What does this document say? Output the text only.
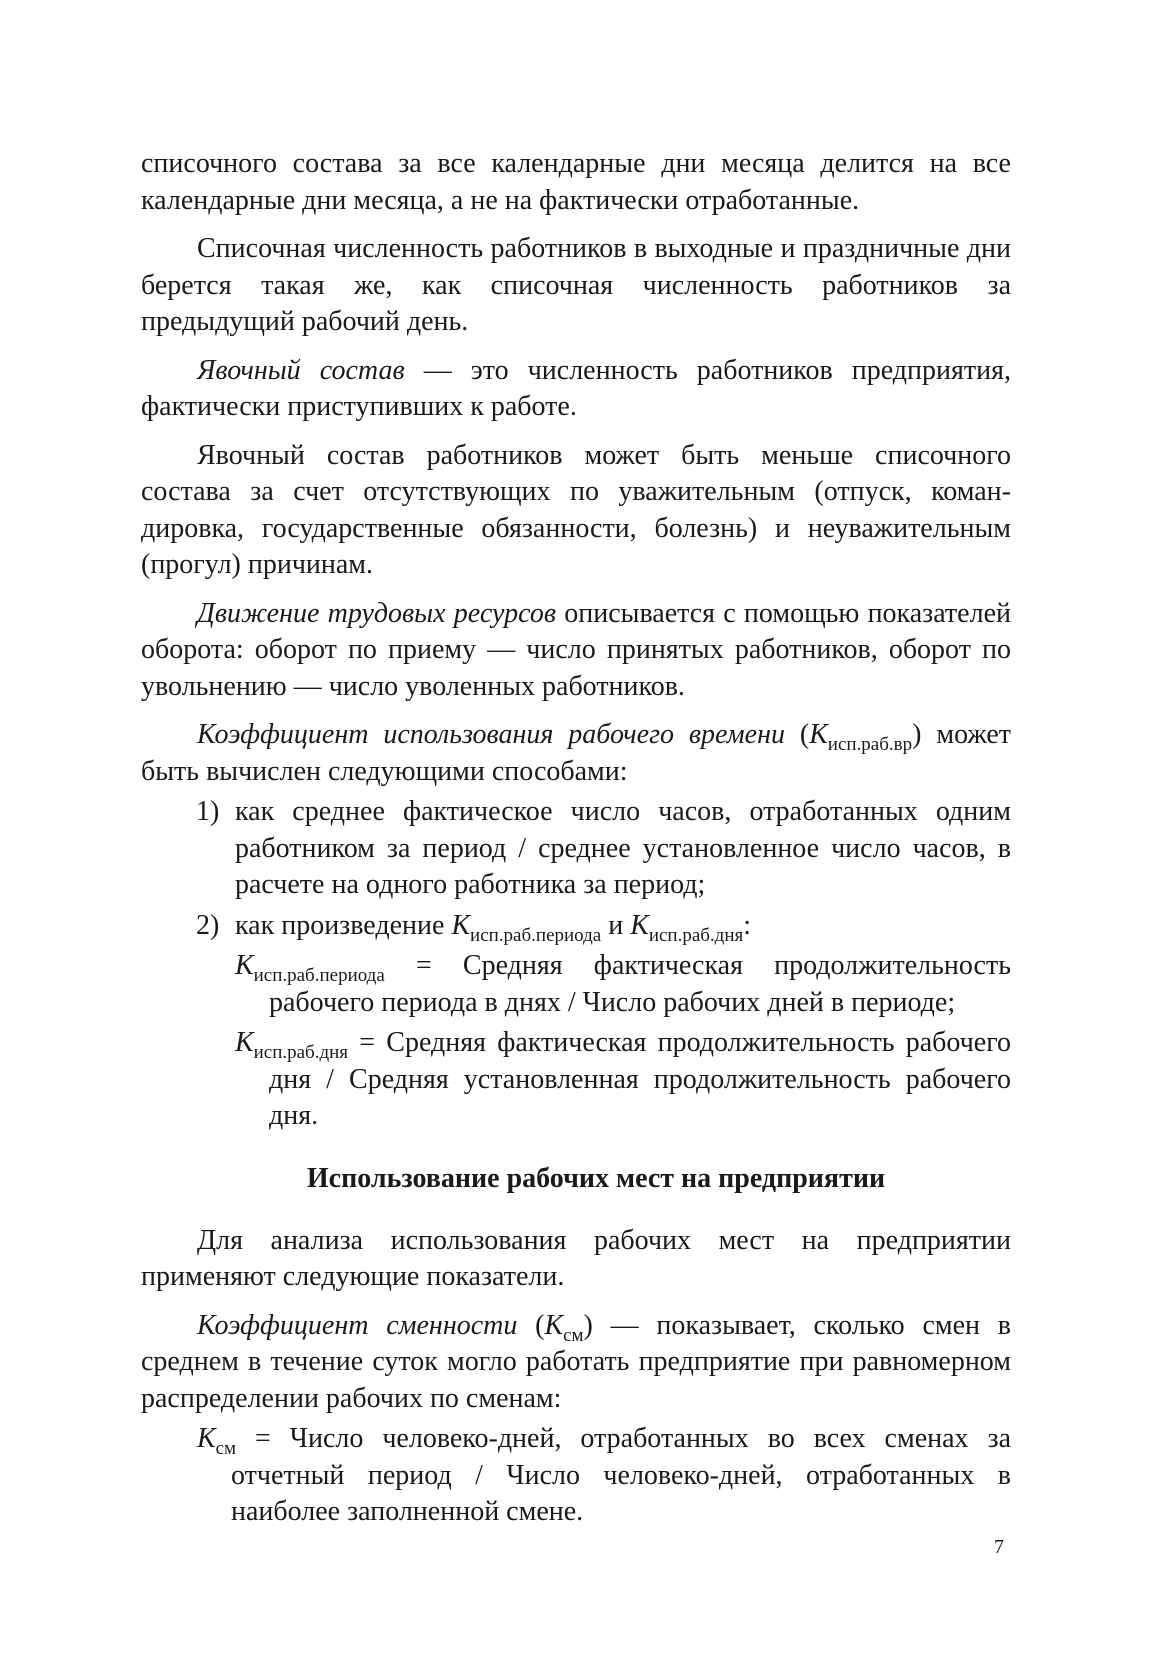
списочного состава за все календарные дни месяца делится на все календарные дни месяца, а не на фактически отработанные.

Списочная численность работников в выходные и праздничные дни берется такая же, как списочная численность работников за предыдущий рабочий день.

Явочный состав — это численность работников предприятия, фактически приступивших к работе.

Явочный состав работников может быть меньше списочного состава за счет отсутствующих по уважительным (отпуск, командировка, государственные обязанности, болезнь) и неуважительным (прогул) причинам.

Движение трудовых ресурсов описывается с помощью показателей оборота: оборот по приему — число принятых работников, оборот по увольнению — число уволенных работников.

Коэффициент использования рабочего времени $(К_{исп.раб.вр})$ может быть вычислен следующими способами:

1) как среднее фактическое число часов, отработанных одним работником за период / среднее установленное число часов, в расчете на одного работника за период;
2) как произведение $К_{исп.раб.периода}$ и $К_{исп.раб.дня}$:
$К_{исп.раб.периода}$ = Средняя фактическая продолжительность рабочего периода в днях / Число рабочих дней в периоде;
$К_{исп.раб.дня}$ = Средняя фактическая продолжительность рабочего дня / Средняя установленная продолжительность рабочего дня.
Использование рабочих мест на предприятии

Для анализа использования рабочих мест на предприятии применяют следующие показатели.

Коэффициент сменности $(К_{см})$ — показывает, сколько смен в среднем в течение суток могло работать предприятие при равномерном распределении рабочих по сменам:

$К_{см}$ = Число человеко-дней, отработанных во всех сменах за отчетный период / Число человеко-дней, отработанных в наиболее заполненной смене.
7
